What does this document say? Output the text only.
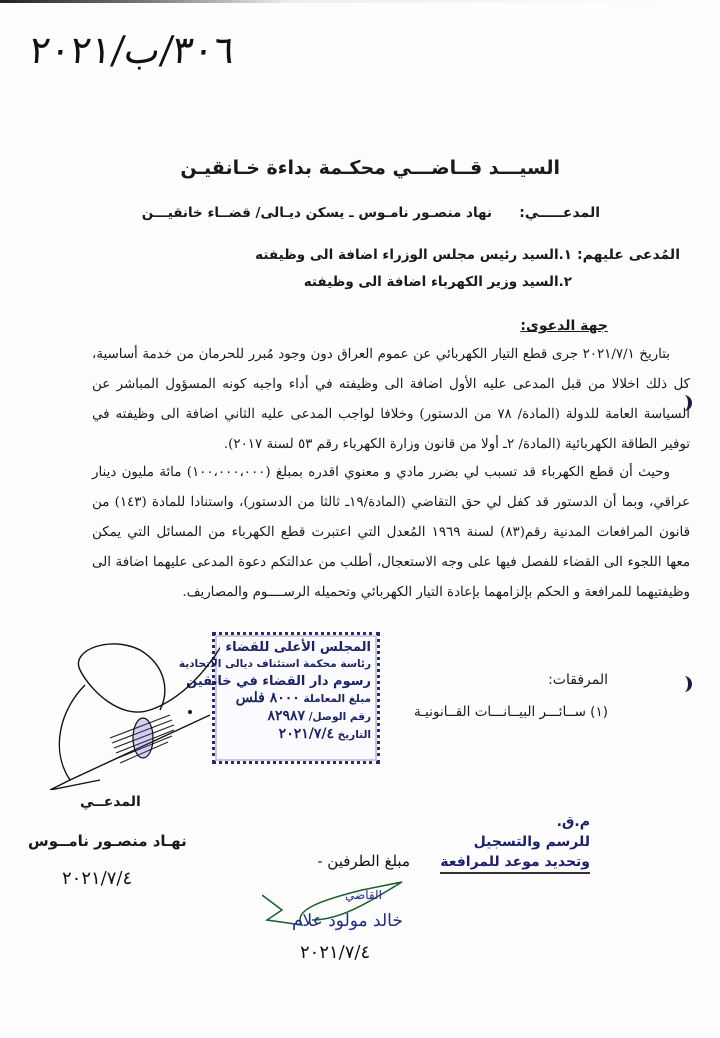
٣٠٦/ب/٢٠٢١
السيـــد قــاضـــي محكـمة بداءة خـانقيـن
المدعـــــي:
نهاد منصـور نامـوس ـ يسكن ديـالى/ قضــاء خانقيـــن
المُدعى عليهم:
١.السيد رئيس مجلس الوزراء اضافة الى وظيفته
٢.السيد وزير الكهرباء اضافة الى وظيفته
جهة الدعوى:
بتاريخ ٢٠٢١/٧/١ جرى قطع التيار الكهربائي عن عموم العراق دون وجود مُبرر للحرمان من خدمة أساسية، كل ذلك اخلالا من قبل المدعى عليه الأول اضافة الى وظيفته في أداء واجبه كونه المسؤول المباشر عن السياسة العامة للدولة (المادة/ ٧٨ من الدستور) وخلافا لواجب المدعى عليه الثاني اضافة الى وظيفته في توفير الطاقة الكهربائية (المادة/ ٢ـ أولا من قانون وزارة الكهرباء رقم ٥٣ لسنة ٢٠١٧).
وحيث أن قطع الكهرباء قد تسبب لي بضرر مادي و معنوي اقدره بمبلغ (١٠٠،٠٠٠،٠٠٠) مائة مليون دينار عراقي، وبما أن الدستور قد كفل لي حق التقاضي (المادة/١٩ـ ثالثا من الدستور)، واستنادا للمادة (١٤٣) من قانون المرافعات المدنية رقم(٨٣) لسنة ١٩٦٩ المُعدل التي اعتبرت قطع الكهرباء من المسائل التي يمكن معها اللجوء الى القضاء للفصل فيها على وجه الاستعجال، أطلب من عدالتكم دعوة المدعى عليهما اضافة الى وظيفتيهما للمرافعة و الحكم بإلزامهما بإعادة التيار الكهربائي وتحميله الرســــوم والمصاريف.
المرفقات:
(١) ســائـــر البيــانـــات القــانونيـة
المجلس الأعلى للقضاء
رئاسة محكمة استئناف ديالى الاتحادية
رسوم دار القضاء في خانقين
مبلغ المعاملة ٨٠٠٠ فلس
رقم الوصل/ ٨٢٩٨٧
التاريخ ٢٠٢١/٧/٤
المدعــي
نهـاد منصـور نامــوس
٢٠٢١/٧/٤
م.ق.
للرسم والتسجيل
وتحديد موعد للمرافعة
مبلغ الطرفين -
القاضي
خالد مولود علام
٢٠٢١/٧/٤
